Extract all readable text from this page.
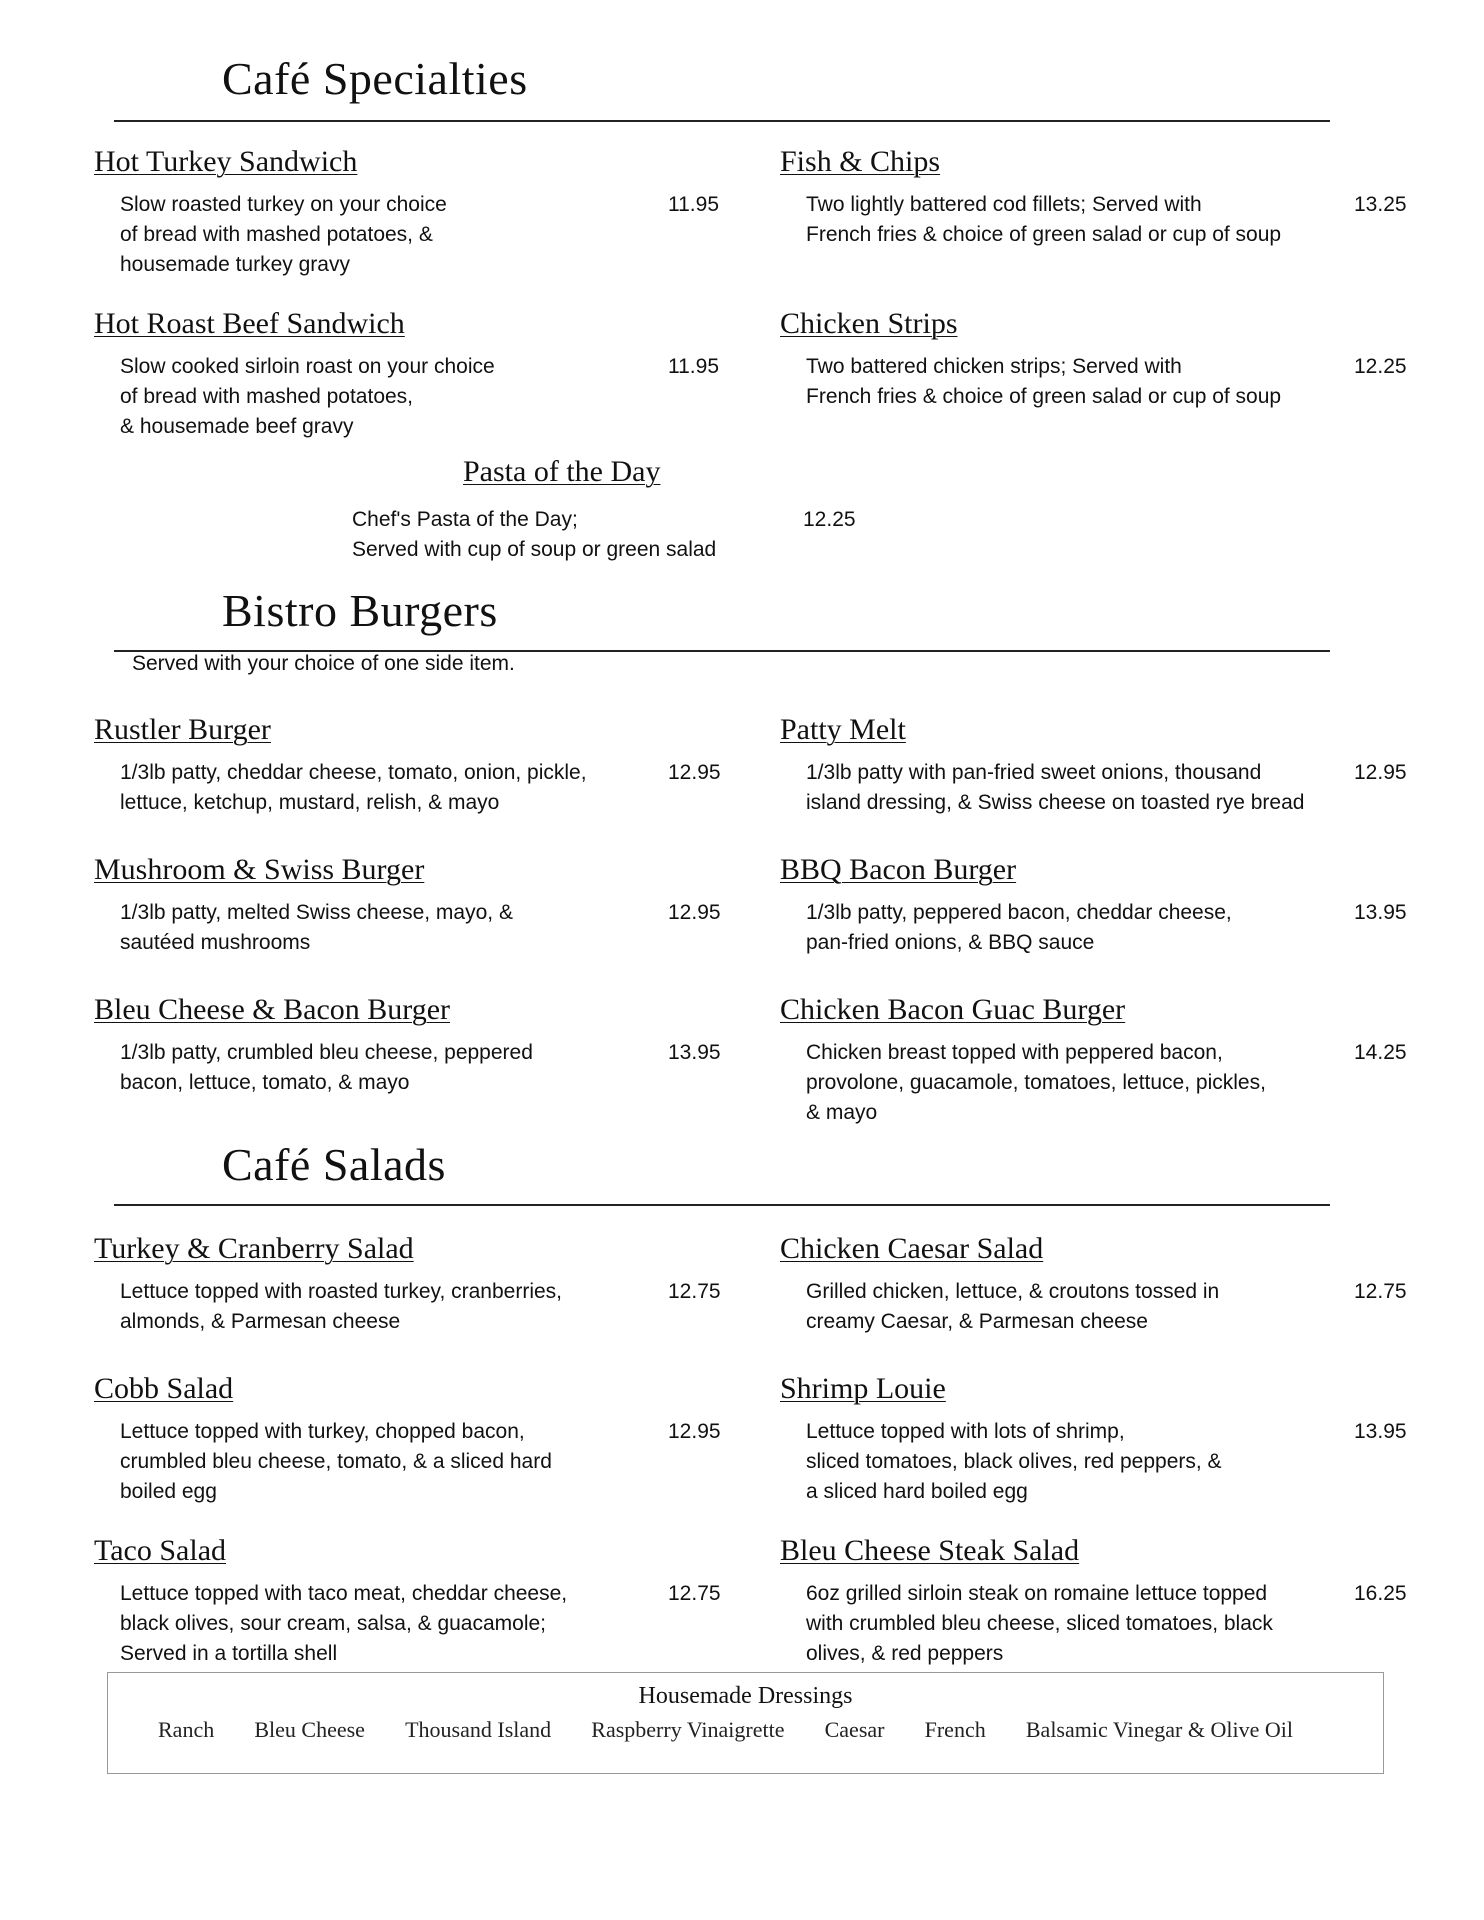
Café Specialties
Hot Turkey Sandwich
Slow roasted turkey on your choice
of bread with mashed potatoes, &
housemade turkey gravy
11.95
Fish & Chips
Two lightly battered cod fillets; Served with
French fries & choice of green salad or cup of soup
13.25
Hot Roast Beef Sandwich
Slow cooked sirloin roast on your choice
of bread with mashed potatoes,
& housemade beef gravy
11.95
Chicken Strips
Two battered chicken strips; Served with
French fries & choice of green salad or cup of soup
12.25
Pasta of the Day
Chef's Pasta of the Day;
Served with cup of soup or green salad
12.25
Bistro Burgers
Served with your choice of one side item.
Rustler Burger
1/3lb patty, cheddar cheese, tomato, onion, pickle,
lettuce, ketchup, mustard, relish, & mayo
12.95
Patty Melt
1/3lb patty with pan-fried sweet onions, thousand
island dressing, & Swiss cheese on toasted rye bread
12.95
Mushroom & Swiss Burger
1/3lb patty, melted Swiss cheese, mayo, &
sautéed mushrooms
12.95
BBQ Bacon Burger
1/3lb patty, peppered bacon, cheddar cheese,
pan-fried onions, & BBQ sauce
13.95
Bleu Cheese & Bacon Burger
1/3lb patty, crumbled bleu cheese, peppered
bacon, lettuce, tomato, & mayo
13.95
Chicken Bacon Guac Burger
Chicken breast topped with peppered bacon,
provolone, guacamole, tomatoes, lettuce, pickles,
& mayo
14.25
Café Salads
Turkey & Cranberry Salad
Lettuce topped with roasted turkey, cranberries,
almonds, & Parmesan cheese
12.75
Chicken Caesar Salad
Grilled chicken, lettuce, & croutons tossed in
creamy Caesar, & Parmesan cheese
12.75
Cobb Salad
Lettuce topped with turkey, chopped bacon,
crumbled bleu cheese, tomato, & a sliced hard
boiled egg
12.95
Shrimp Louie
Lettuce topped with lots of shrimp,
sliced tomatoes, black olives, red peppers, &
a sliced hard boiled egg
13.95
Taco Salad
Lettuce topped with taco meat, cheddar cheese,
black olives, sour cream, salsa, & guacamole;
Served in a tortilla shell
12.75
Bleu Cheese Steak Salad
6oz grilled sirloin steak on romaine lettuce topped
with crumbled bleu cheese, sliced tomatoes, black
olives, & red peppers
16.25
Housemade Dressings
Ranch Bleu Cheese Thousand Island Raspberry Vinaigrette Caesar French Balsamic Vinegar & Olive Oil
